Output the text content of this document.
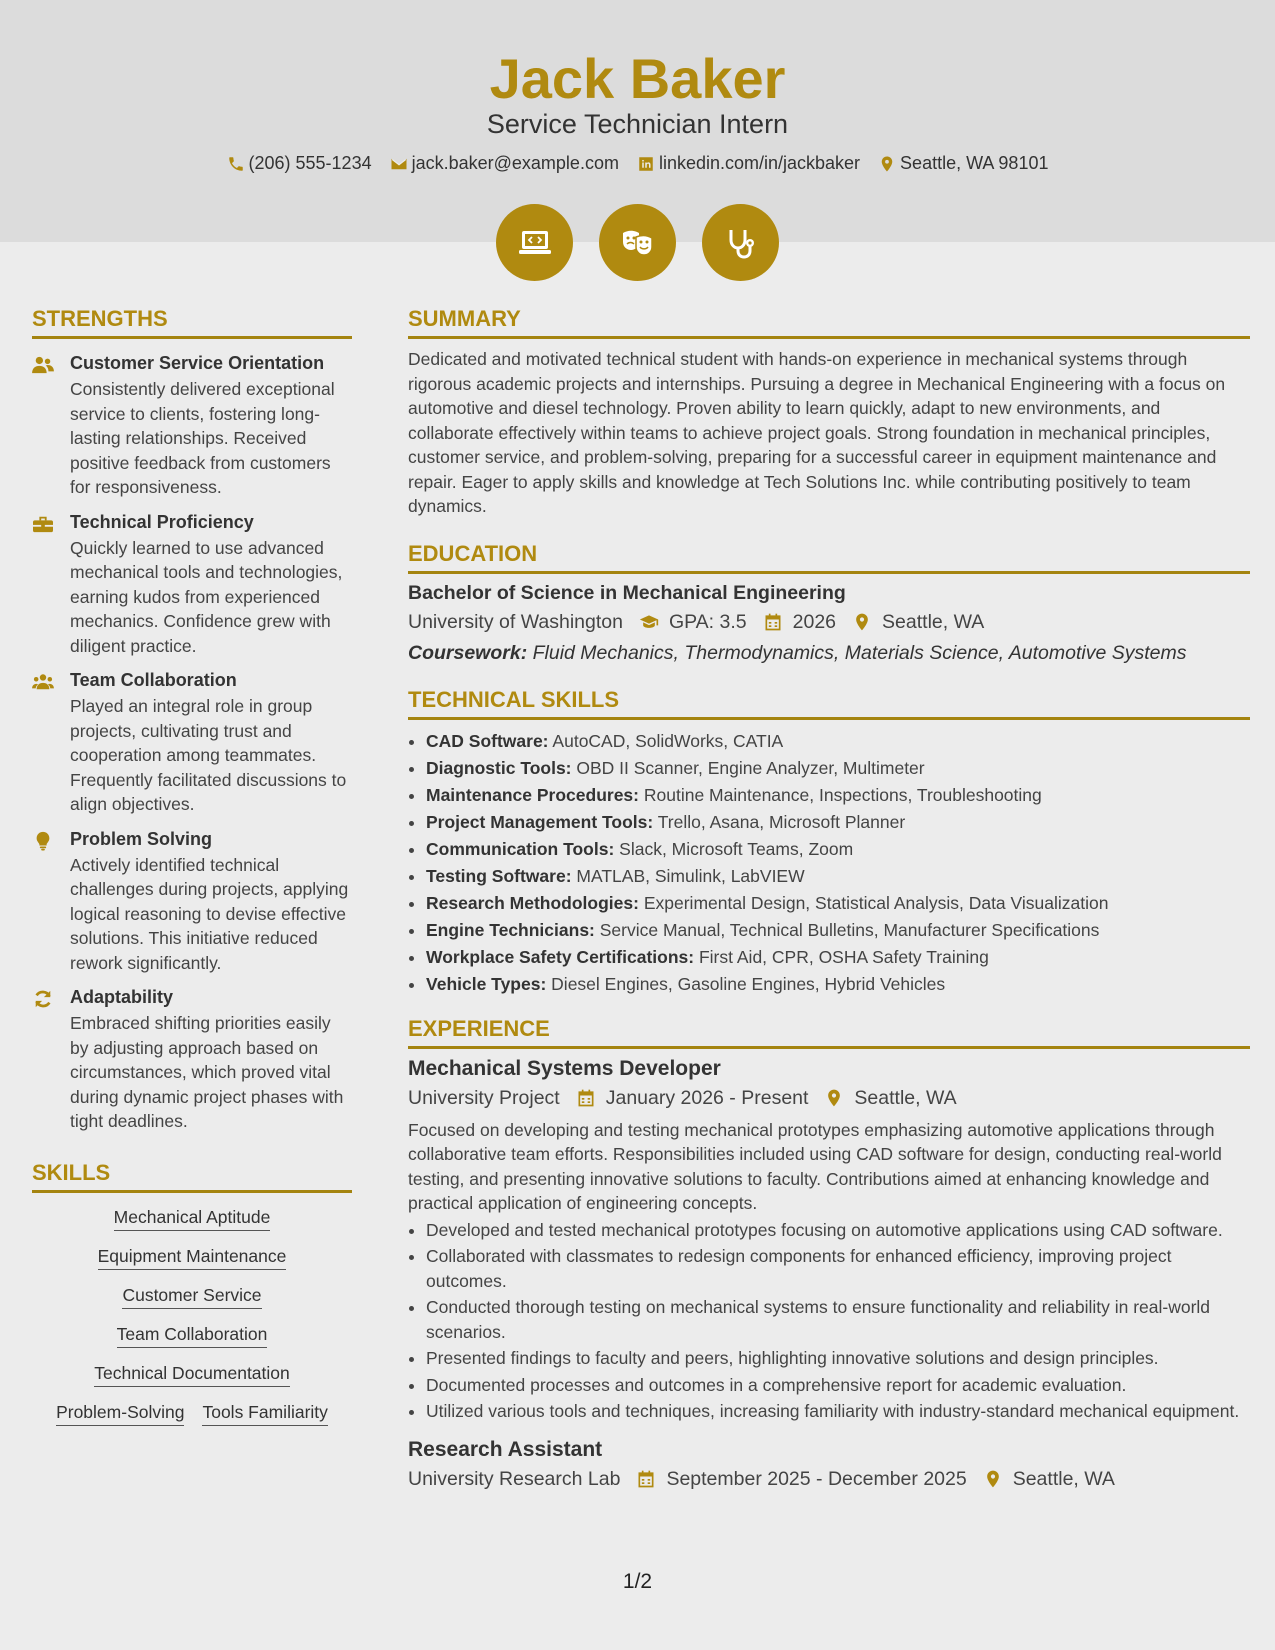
Jack Baker
Service Technician Intern
(206) 555-1234 jack.baker@example.com linkedin.com/in/jackbaker Seattle, WA 98101
STRENGTHS
Customer Service Orientation
Consistently delivered exceptional service to clients, fostering long-lasting relationships. Received positive feedback from customers for responsiveness.
Technical Proficiency
Quickly learned to use advanced mechanical tools and technologies, earning kudos from experienced mechanics. Confidence grew with diligent practice.
Team Collaboration
Played an integral role in group projects, cultivating trust and cooperation among teammates. Frequently facilitated discussions to align objectives.
Problem Solving
Actively identified technical challenges during projects, applying logical reasoning to devise effective solutions. This initiative reduced rework significantly.
Adaptability
Embraced shifting priorities easily by adjusting approach based on circumstances, which proved vital during dynamic project phases with tight deadlines.
SKILLS
Mechanical Aptitude
Equipment Maintenance
Customer Service
Team Collaboration
Technical Documentation
Problem-Solving Tools Familiarity
SUMMARY
Dedicated and motivated technical student with hands-on experience in mechanical systems through rigorous academic projects and internships. Pursuing a degree in Mechanical Engineering with a focus on automotive and diesel technology. Proven ability to learn quickly, adapt to new environments, and collaborate effectively within teams to achieve project goals. Strong foundation in mechanical principles, customer service, and problem-solving, preparing for a successful career in equipment maintenance and repair. Eager to apply skills and knowledge at Tech Solutions Inc. while contributing positively to team dynamics.
EDUCATION
Bachelor of Science in Mechanical Engineering
University of Washington GPA: 3.5 2026 Seattle, WA
Coursework: Fluid Mechanics, Thermodynamics, Materials Science, Automotive Systems
TECHNICAL SKILLS
• CAD Software: AutoCAD, SolidWorks, CATIA
• Diagnostic Tools: OBD II Scanner, Engine Analyzer, Multimeter
• Maintenance Procedures: Routine Maintenance, Inspections, Troubleshooting
• Project Management Tools: Trello, Asana, Microsoft Planner
• Communication Tools: Slack, Microsoft Teams, Zoom
• Testing Software: MATLAB, Simulink, LabVIEW
• Research Methodologies: Experimental Design, Statistical Analysis, Data Visualization
• Engine Technicians: Service Manual, Technical Bulletins, Manufacturer Specifications
• Workplace Safety Certifications: First Aid, CPR, OSHA Safety Training
• Vehicle Types: Diesel Engines, Gasoline Engines, Hybrid Vehicles
EXPERIENCE
Mechanical Systems Developer
University Project January 2026 - Present Seattle, WA
Focused on developing and testing mechanical prototypes emphasizing automotive applications through collaborative team efforts. Responsibilities included using CAD software for design, conducting real-world testing, and presenting innovative solutions to faculty. Contributions aimed at enhancing knowledge and practical application of engineering concepts.
• Developed and tested mechanical prototypes focusing on automotive applications using CAD software.
• Collaborated with classmates to redesign components for enhanced efficiency, improving project outcomes.
• Conducted thorough testing on mechanical systems to ensure functionality and reliability in real-world scenarios.
• Presented findings to faculty and peers, highlighting innovative solutions and design principles.
• Documented processes and outcomes in a comprehensive report for academic evaluation.
• Utilized various tools and techniques, increasing familiarity with industry-standard mechanical equipment.
Research Assistant
University Research Lab September 2025 - December 2025 Seattle, WA
1/2
